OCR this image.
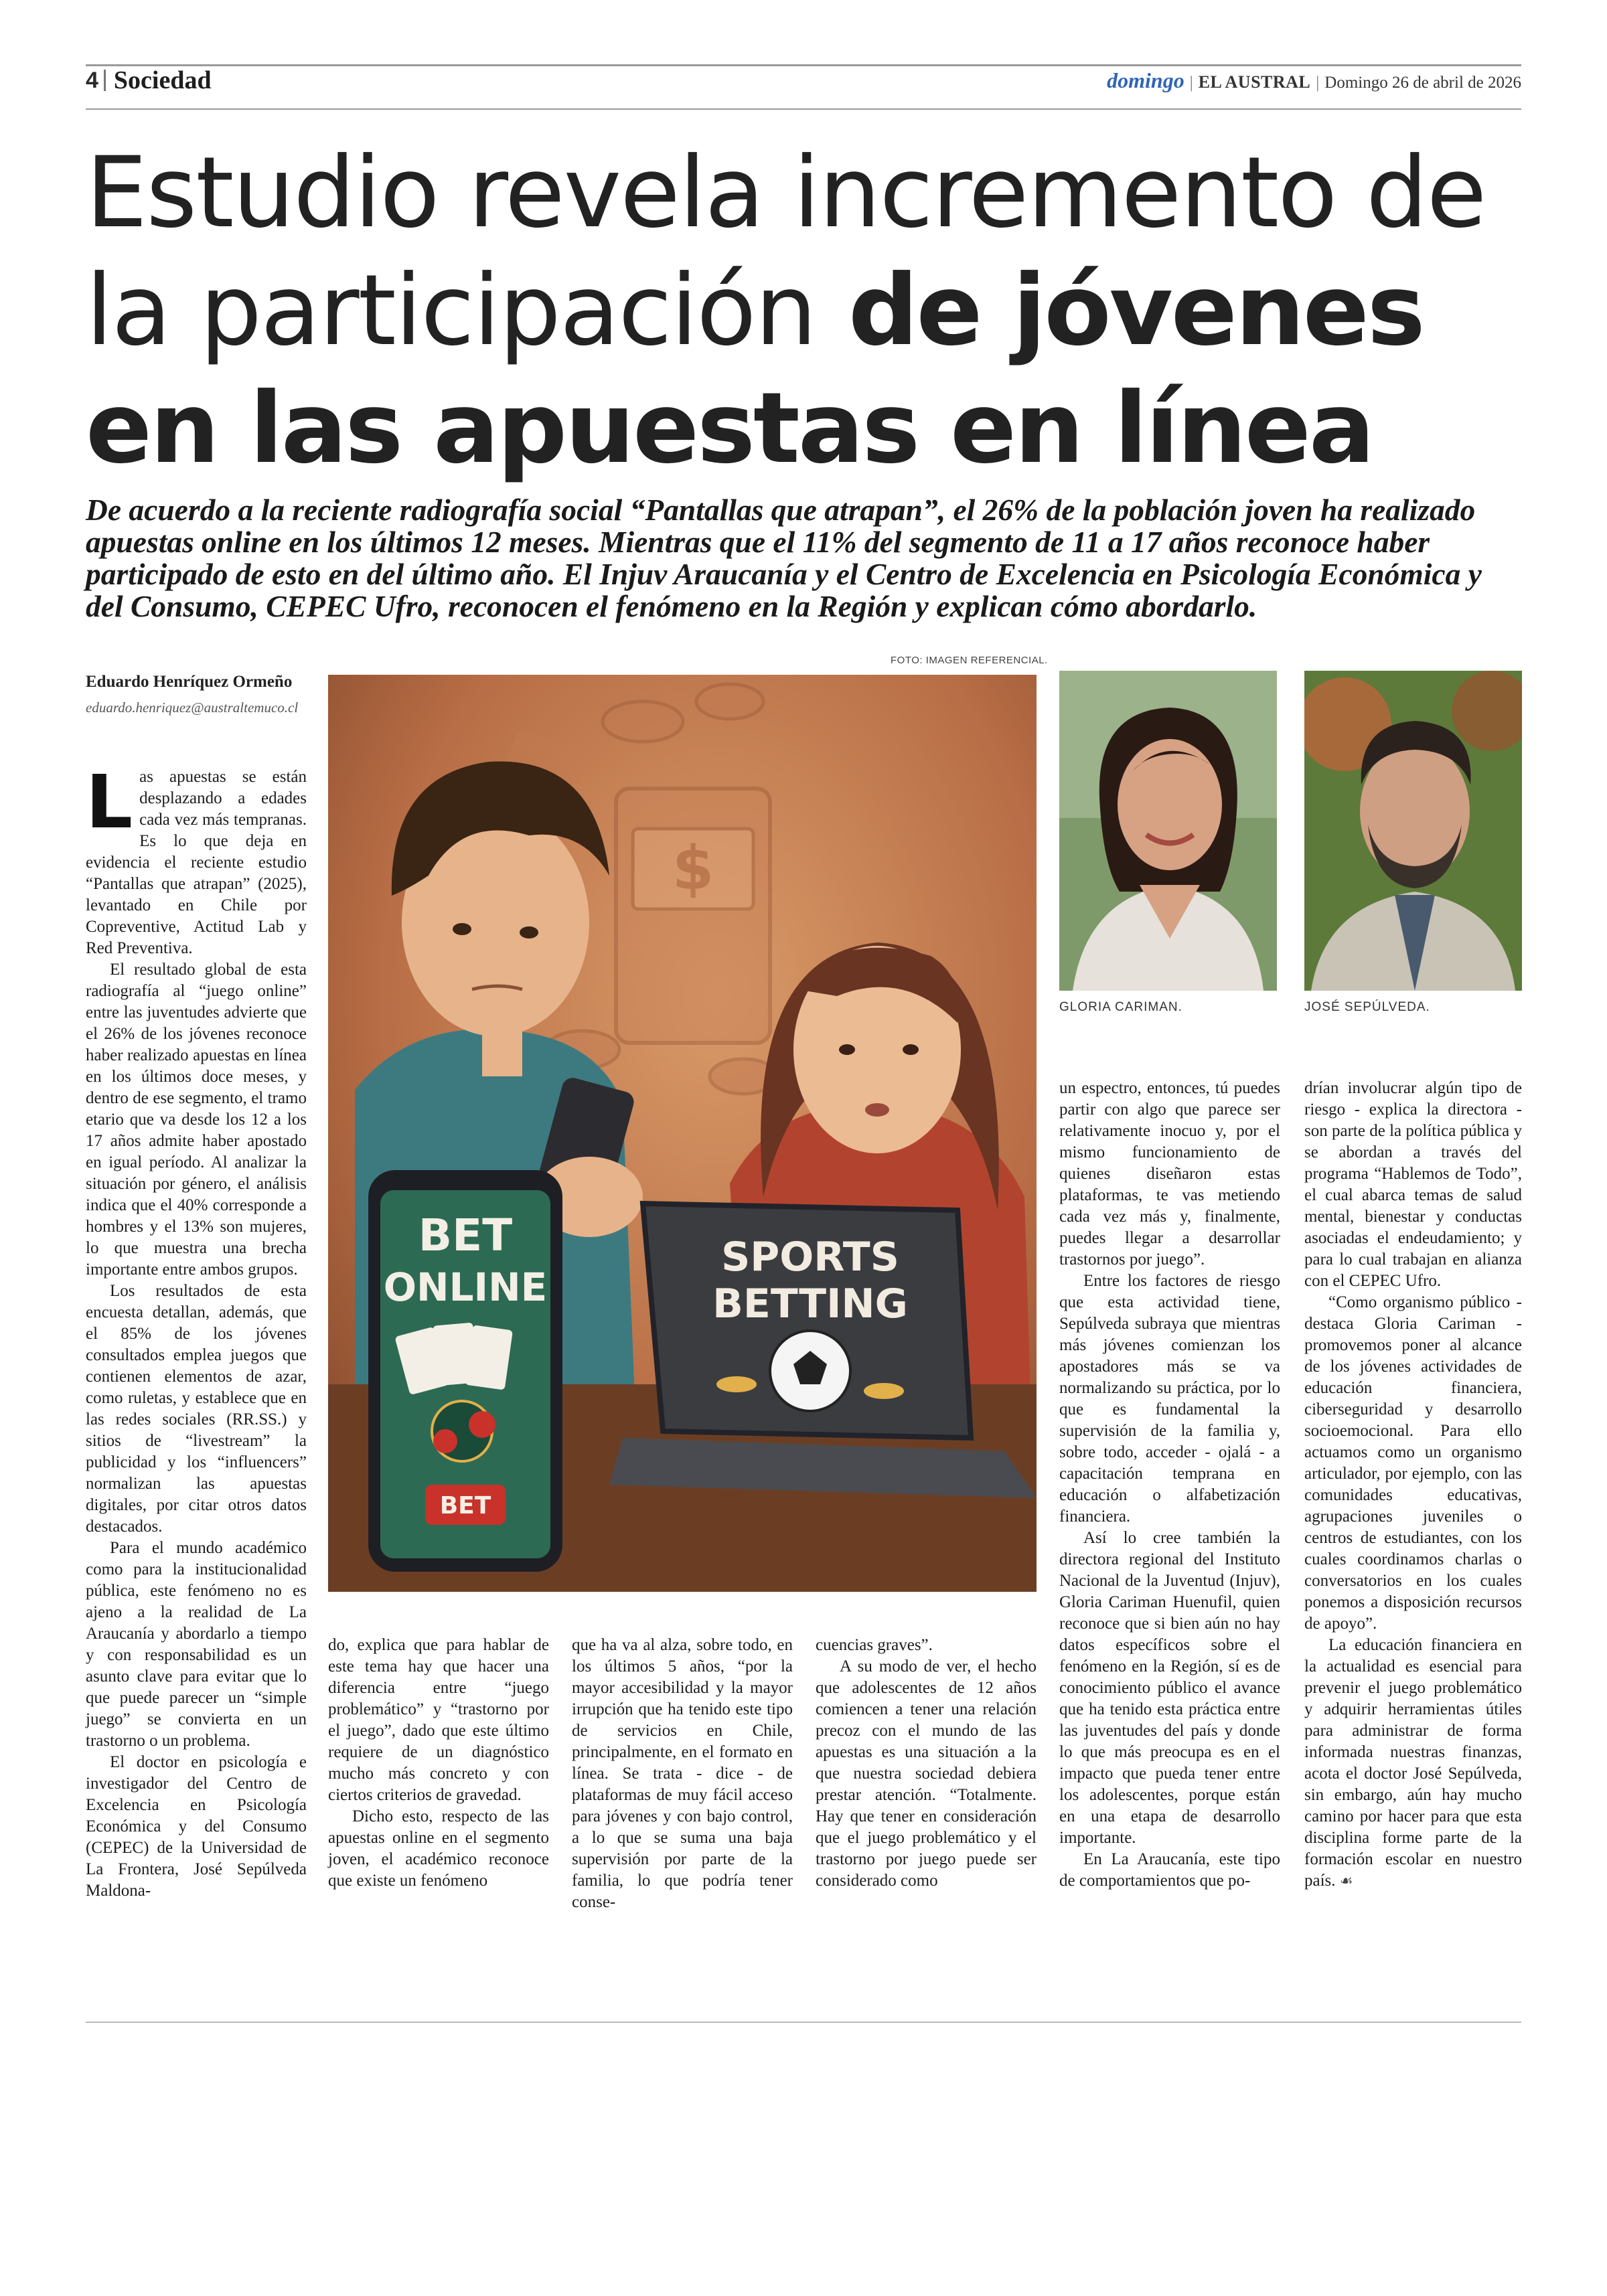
4 Sociedad	domingo | EL AUSTRAL | Domingo 26 de abril de 2026
Estudio revela incremento de la participación de jóvenes en las apuestas en línea

De acuerdo a la reciente radiografía social “Pantallas que atrapan”, el 26% de la población joven ha realizado apuestas online en los últimos 12 meses. Mientras que el 11% del segmento de 11 a 17 años reconoce haber participado de esto en del último año. El Injuv Araucanía y el Centro de Excelencia en Psicología Económica y del Consumo, CEPEC Ufro, reconocen el fenómeno en la Región y explican cómo abordarlo.

FOTO: IMAGEN REFERENCIAL.
Eduardo Henríquez Ormeño
eduardo.henriquez@australtemuco.cl
$
SPORTS
BETTING
BET
ONLINE
BET
GLORIA CARIMAN.	JOSÉ SEPÚLVEDA.

Las apuestas se están desplazando a edades cada vez más tempranas. Es lo que deja en evidencia el reciente estudio “Pantallas que atrapan” (2025), levantado en Chile por Copreventive, Actitud Lab y Red Preventiva.

El resultado global de esta radiografía al “juego online” entre las juventudes advierte que el 26% de los jóvenes reconoce haber realizado apuestas en línea en los últimos doce meses, y dentro de ese segmento, el tramo etario que va desde los 12 a los 17 años admite haber apostado en igual período. Al analizar la situación por género, el análisis indica que el 40% corresponde a hombres y el 13% son mujeres, lo que muestra una brecha importante entre ambos grupos.

Los resultados de esta encuesta detallan, además, que el 85% de los jóvenes consultados emplea juegos que contienen elementos de azar, como ruletas, y establece que en las redes sociales (RR.SS.) y sitios de “livestream” la publicidad y los “influencers” normalizan las apuestas digitales, por citar otros datos destacados.

Para el mundo académico como para la institucionalidad pública, este fenómeno no es ajeno a la realidad de La Araucanía y abordarlo a tiempo y con responsabilidad es un asunto clave para evitar que lo que puede parecer un “simple juego” se convierta en un trastorno o un problema.

El doctor en psicología e investigador del Centro de Excelencia en Psicología Económica y del Consumo (CEPEC) de la Universidad de La Frontera, José Sepúlveda Maldona-

do, explica que para hablar de este tema hay que hacer una diferencia entre “juego problemático” y “trastorno por el juego”, dado que este último requiere de un diagnóstico mucho más concreto y con ciertos criterios de gravedad.

Dicho esto, respecto de las apuestas online en el segmento joven, el académico reconoce que existe un fenómeno

que ha va al alza, sobre todo, en los últimos 5 años, “por la mayor accesibilidad y la mayor irrupción que ha tenido este tipo de servicios en Chile, principalmente, en el formato en línea. Se trata - dice - de plataformas de muy fácil acceso para jóvenes y con bajo control, a lo que se suma una baja supervisión por parte de la familia, lo que podría tener conse-

cuencias graves”.

A su modo de ver, el hecho que adolescentes de 12 años comiencen a tener una relación precoz con el mundo de las apuestas es una situación a la que nuestra sociedad debiera prestar atención. “Totalmente. Hay que tener en consideración que el juego problemático y el trastorno por juego puede ser considerado como

un espectro, entonces, tú puedes partir con algo que parece ser relativamente inocuo y, por el mismo funcionamiento de quienes diseñaron estas plataformas, te vas metiendo cada vez más y, finalmente, puedes llegar a desarrollar trastornos por juego”.

Entre los factores de riesgo que esta actividad tiene, Sepúlveda subraya que mientras más jóvenes comienzan los apostadores más se va normalizando su práctica, por lo que es fundamental la supervisión de la familia y, sobre todo, acceder - ojalá - a capacitación temprana en educación o alfabetización financiera.

Así lo cree también la directora regional del Instituto Nacional de la Juventud (Injuv), Gloria Cariman Huenufil, quien reconoce que si bien aún no hay datos específicos sobre el fenómeno en la Región, sí es de conocimiento público el avance que ha tenido esta práctica entre las juventudes del país y donde lo que más preocupa es en el impacto que pueda tener entre los adolescentes, porque están en una etapa de desarrollo importante.

En La Araucanía, este tipo de comportamientos que po-

drían involucrar algún tipo de riesgo - explica la directora - son parte de la política pública y se abordan a través del programa “Hablemos de Todo”, el cual abarca temas de salud mental, bienestar y conductas asociadas el endeudamiento; y para lo cual trabajan en alianza con el CEPEC Ufro.

“Como organismo público - destaca Gloria Cariman - promovemos poner al alcance de los jóvenes actividades de educación financiera, ciberseguridad y desarrollo socioemocional. Para ello actuamos como un organismo articulador, por ejemplo, con las comunidades educativas, agrupaciones juveniles o centros de estudiantes, con los cuales coordinamos charlas o conversatorios en los cuales ponemos a disposición recursos de apoyo”.

La educación financiera en la actualidad es esencial para prevenir el juego problemático y adquirir herramientas útiles para administrar de forma informada nuestras finanzas, acota el doctor José Sepúlveda, sin embargo, aún hay mucho camino por hacer para que esta disciplina forme parte de la formación escolar en nuestro país. ☙
